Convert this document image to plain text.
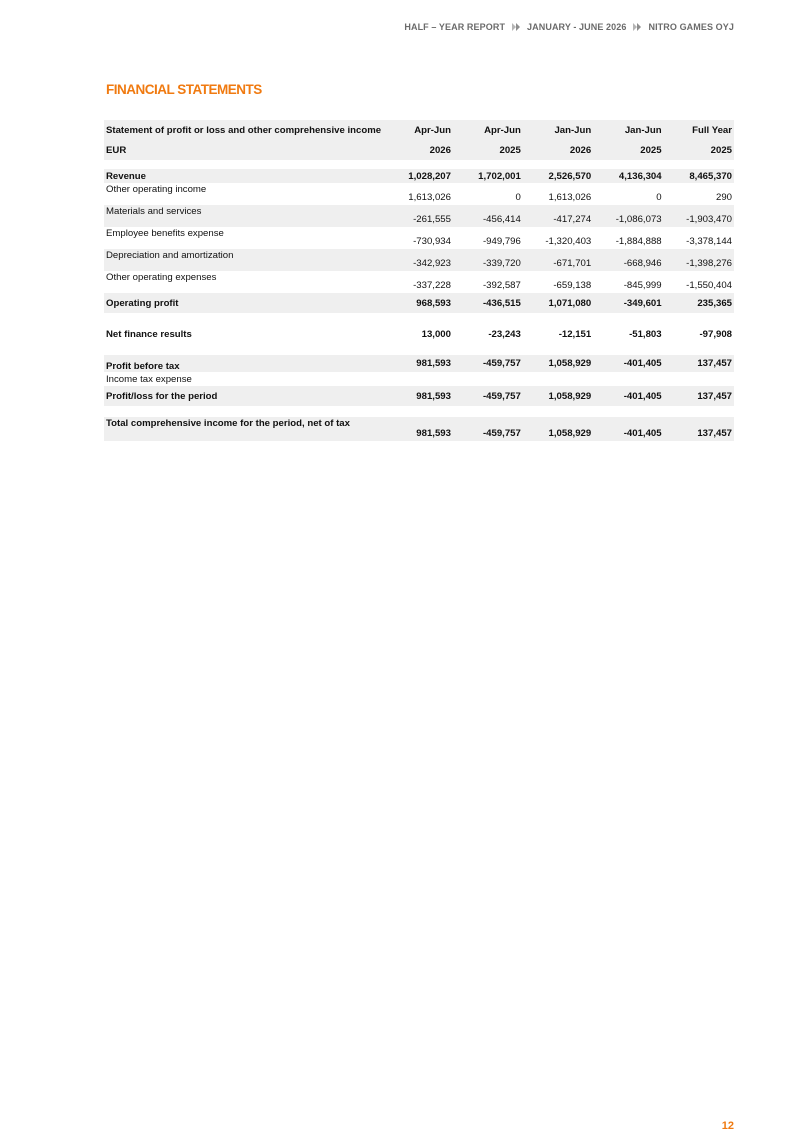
HALF – YEAR REPORT JANUARY - JUNE 2026 NITRO GAMES OYJ
FINANCIAL STATEMENTS
Statement of profit or loss and other comprehensive income	Apr-Jun	Apr-Jun	Jan-Jun	Jan-Jun	Full Year
EUR	2026	2025	2026	2025	2025

Revenue	1,028,207	1,702,001	2,526,570	4,136,304	8,465,370
Other operating income	1,613,026	0	1,613,026	0	290
Materials and services	-261,555	-456,414	-417,274	-1,086,073	-1,903,470
Employee benefits expense	-730,934	-949,796	-1,320,403	-1,884,888	-3,378,144
Depreciation and amortization	-342,923	-339,720	-671,701	-668,946	-1,398,276
Other operating expenses	-337,228	-392,587	-659,138	-845,999	-1,550,404
Operating profit	968,593	-436,515	1,071,080	-349,601	235,365

Net finance results	13,000	-23,243	-12,151	-51,803	-97,908

Profit before tax	981,593	-459,757	1,058,929	-401,405	137,457
Income tax expense					
Profit/loss for the period	981,593	-459,757	1,058,929	-401,405	137,457

Total comprehensive income for the period, net of tax	981,593	-459,757	1,058,929	-401,405	137,457
12
